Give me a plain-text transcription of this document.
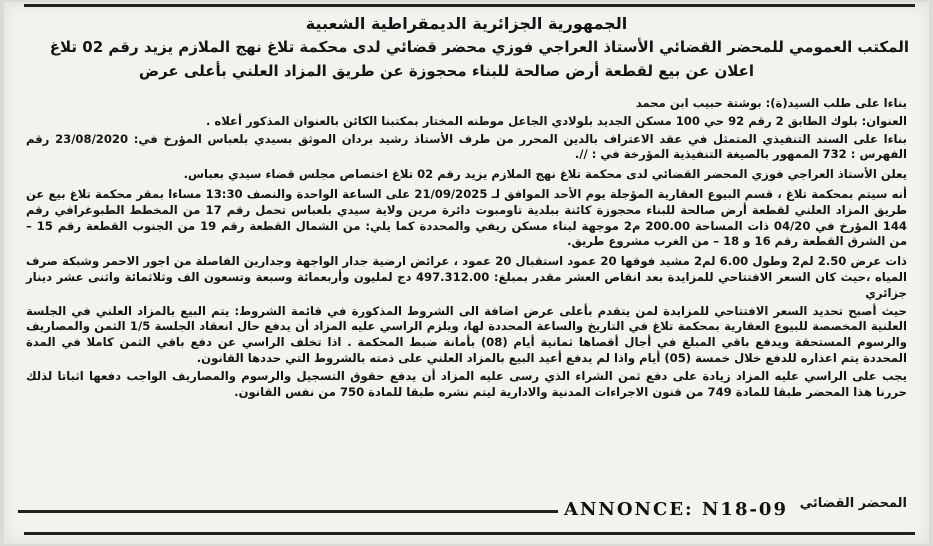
الجمهورية الجزائرية الديمقراطية الشعبية
المكتب العمومي للمحضر القضائي الأستاذ العراجي فوزي محضر قضائي لدى محكمة تلاغ نهج الملازم يزيد رقم 02 تلاغ
اعلان عن بيع لقطعة أرض صالحة للبناء محجوزة عن طريق المزاد العلني بأعلى عرض

بناءا على طلب السيد(ة): بوشتة حبيب ابن محمد

العنوان: بلوك الطابق 2 رقم 92 حي 100 مسكن الجديد بلولادي الجاعل موطنه المختار بمكتبنا الكائن بالعنوان المذكور أعلاه .

بناءا على السند التنفيذي المتمثل في عقد الاعتراف بالدين المحرر من طرف الأستاذ رشيد بردان الموثق بسيدي بلعباس المؤرخ في: 23/08/2020 رقم الفهرس : 732 الممهور بالصيغة التنفيذية المؤرخة في : //.

يعلن الأستاذ العراجي فوزي المحضر القضائي لدى محكمة تلاغ نهج الملازم يزيد رقم 02 تلاغ اختصاص مجلس قضاء سيدي بعباس.

أنه سيتم بمحكمة تلاغ ، قسم البيوع العقارية المؤجلة يوم الأحد الموافق لـ 21/09/2025 على الساعة الواحدة والنصف 13:30 مساءا بمقر محكمة تلاغ بيع عن طريق المزاد العلني لقطعة أرض صالحة للبناء محجوزة كائنة ببلدية تاومبوت دائرة مرين ولاية سيدي بلعباس تحمل رقم 17 من المخطط الطبوغرافي رقم 144 المؤرخ في 04/20 ذات المساحة 200.00 م2 موجهة لبناء مسكن ريفي والمحددة كما يلي: من الشمال القطعة رقم 19 من الجنوب القطعة رقم 15 – من الشرق القطعة رقم 16 و 18 – من الغرب مشروع طريق.

ذات عرض 2.50 لم2 وطول 6.00 لم2 مشيد فوقها 20 عمود استقبال 20 عمود ، عرائض ارضية جدار الواجهة وجدارين الفاصلة من اجور الاحمر وشبكة صرف المياه ،حيث كان السعر الافتتاحي للمزايدة بعد انقاص العشر مقدر بمبلغ: 497.312.00 دج لمليون وأربعمائة وسبعة وتسعون الف وثلاثمائة واثنى عشر دينار جزائري

حيث أصبح تحديد السعر الافتتاحي للمزايدة لمن يتقدم بأعلى عرض اضافة الى الشروط المذكورة في قائمة الشروط: يتم البيع بالمزاد العلني في الجلسة العلنية المخصصة للبيوع العقارية بمحكمة تلاغ في التاريخ والساعة المحددة لها، ويلزم الراسي عليه المزاد أن يدفع حال انعقاد الجلسة 1/5 الثمن والمصاريف والرسوم المستحقة ويدفع باقي المبلغ في أجال أقصاها ثمانية أيام (08) بأمانة ضبط المحكمة . اذا تخلف الراسي عن دفع باقي الثمن كاملا في المدة المحددة يتم اعذاره للدفع خلال خمسة (05) أيام واذا لم يدفع أعيد البيع بالمزاد العلني على ذمته بالشروط التي حددها القانون.

يجب على الراسي عليه المزاد زيادة على دفع ثمن الشراء الذي رسى عليه المزاد أن يدفع حقوق التسجيل والرسوم والمصاريف الواجب دفعها اثباتا لذلك حررنا هذا المحضر طبقا للمادة 749 من قنون الاجراءات المدنية والادارية ليتم نشره طبقا للمادة 750 من نفس القانون.

المحضر القضائي
ANNONCE: N18-09
